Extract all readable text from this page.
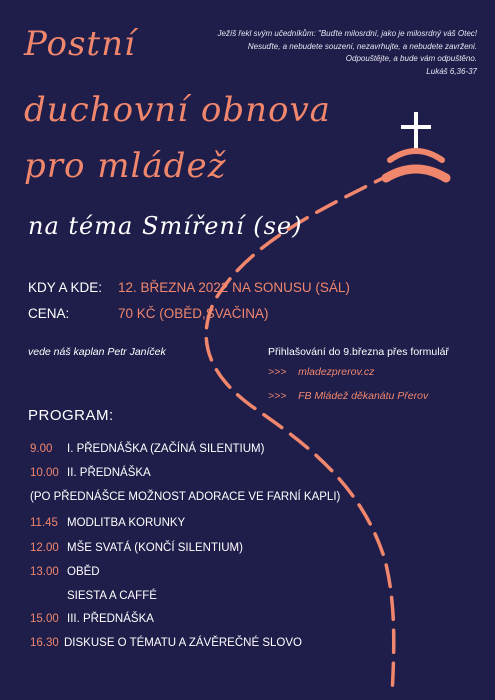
Ježíš řekl svým učedníkům: "Buďte milosrdní, jako je milosrdný váš Otec!
Nesuďte, a nebudete souzeni, nezavrhujte, a nebudete zavrženi.
Odpouštějte, a bude vám odpuštěno.
Lukáš 6,36-37
Postní
duchovní obnova
pro mládež
na téma Smíření (se)
KDY A KDE: 12. BŘEZNA 2022 NA SONUSU (SÁL)
CENA:	70 KČ (OBĚD,SVAČINA)
vede náš kaplan Petr Janíček	Přihlašování do 9.března přes formulář
>>> mladezprerov.cz
>>> FB Mládež děkanátu Přerov
PROGRAM:
9.00 I. PŘEDNÁŠKA (ZAČÍNÁ SILENTIUM)
10.00 II. PŘEDNÁŠKA
(PO PŘEDNÁŠCE MOŽNOST ADORACE VE FARNÍ KAPLI)
11.45 MODLITBA KORUNKY
12.00 MŠE SVATÁ (KONČÍ SILENTIUM)
13.00 OBĚD
SIESTA A CAFFÉ
15.00 III. PŘEDNÁŠKA
16.30 DISKUSE O TÉMATU A ZÁVĚREČNÉ SLOVO
